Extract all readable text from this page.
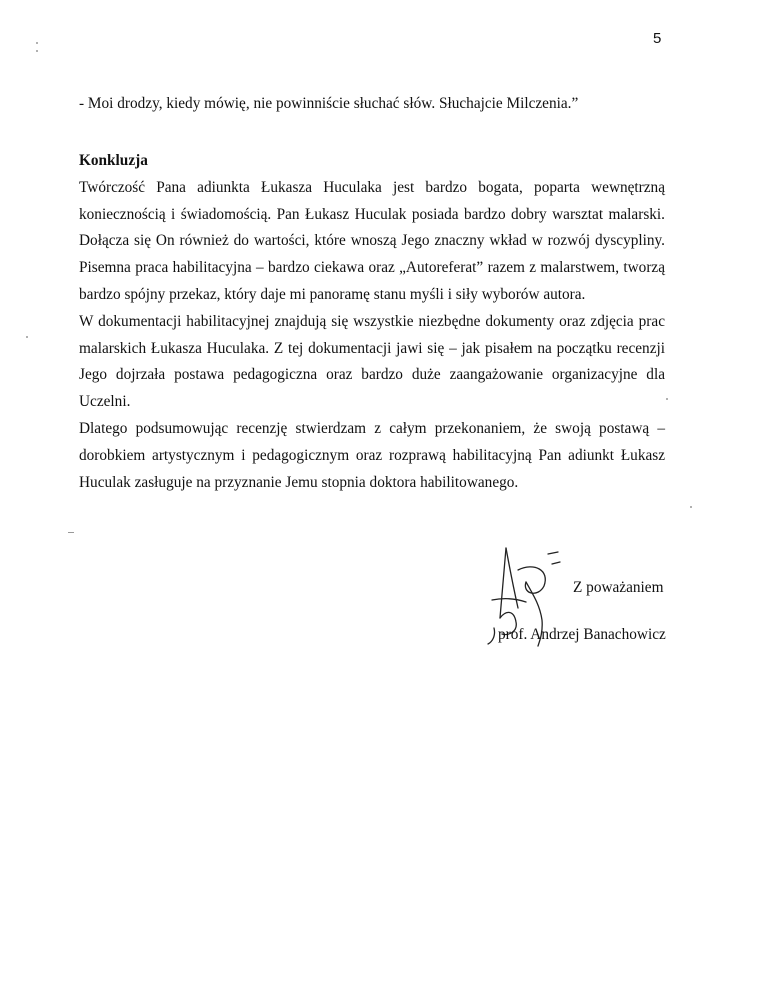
5
- Moi drodzy, kiedy mówię, nie powinniście słuchać słów. Słuchajcie Milczenia.”

Konkluzja

Twórczość Pana adiunkta Łukasza Huculaka jest bardzo bogata, poparta wewnętrzną koniecznością i świadomością. Pan Łukasz Huculak posiada bardzo dobry warsztat malarski. Dołącza się On również do wartości, które wnoszą Jego znaczny wkład w rozwój dyscypliny. Pisemna praca habilitacyjna – bardzo ciekawa oraz „Autoreferat” razem z malarstwem, tworzą bardzo spójny przekaz, który daje mi panoramę stanu myśli i siły wyborów autora.

W dokumentacji habilitacyjnej znajdują się wszystkie niezbędne dokumenty oraz zdjęcia prac malarskich Łukasza Huculaka. Z tej dokumentacji jawi się – jak pisałem na początku recenzji Jego dojrzała postawa pedagogiczna oraz bardzo duże zaangażowanie organizacyjne dla Uczelni.

Dlatego podsumowując recenzję stwierdzam z całym przekonaniem, że swoją postawą – dorobkiem artystycznym i pedagogicznym oraz rozprawą habilitacyjną Pan adiunkt Łukasz Huculak zasługuje na przyznanie Jemu stopnia doktora habilitowanego.

Z poważaniem
prof. Andrzej Banachowicz
